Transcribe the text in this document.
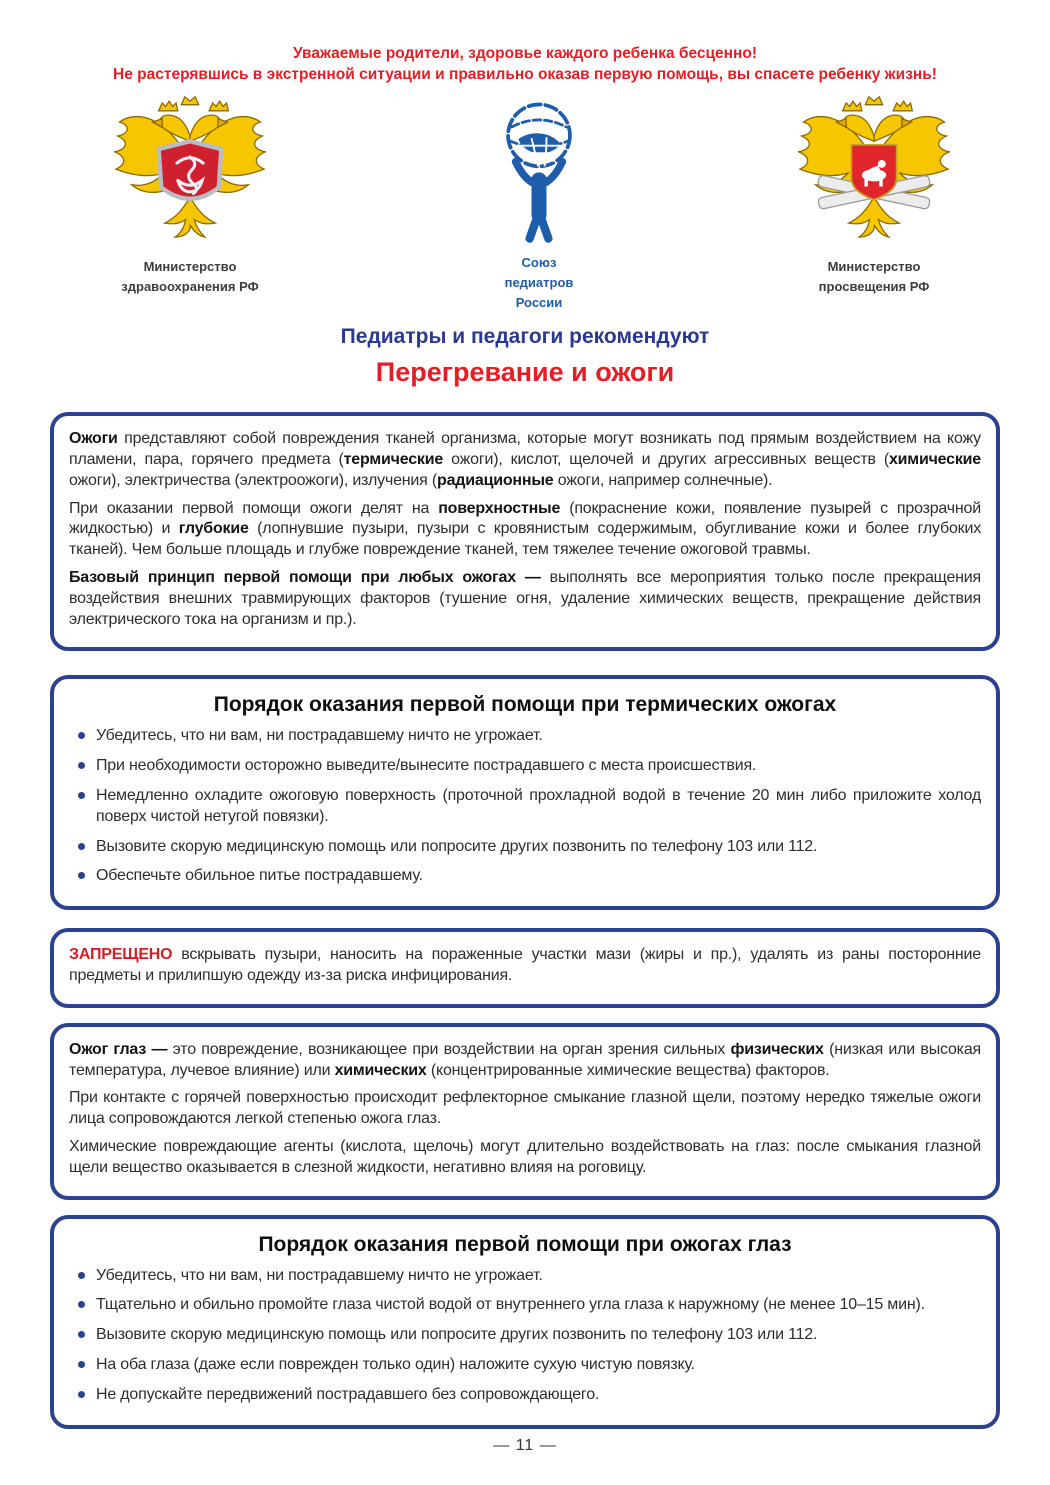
Уважаемые родители, здоровье каждого ребенка бесценно!
Не растерявшись в экстренной ситуации и правильно оказав первую помощь, вы спасете ребенку жизнь!
Министерство
здравоохранения РФ
Союз
педиатров
России
Министерство
просвещения РФ
Педиатры и педагоги рекомендуют
Перегревание и ожоги

Ожоги представляют собой повреждения тканей организма, которые могут возникать под прямым воздействием на кожу пламени, пара, горячего предмета (термические ожоги), кислот, щелочей и других агрессивных веществ (химические ожоги), электричества (электроожоги), излучения (радиационные ожоги, например солнечные).

При оказании первой помощи ожоги делят на поверхностные (покраснение кожи, появление пузырей с прозрачной жидкостью) и глубокие (лопнувшие пузыри, пузыри с кровянистым содержимым, обугливание кожи и более глубоких тканей). Чем больше площадь и глубже повреждение тканей, тем тяжелее течение ожоговой травмы.

Базовый принцип первой помощи при любых ожогах — выполнять все мероприятия только после прекращения воздействия внешних травмирующих факторов (тушение огня, удаление химических веществ, прекращение действия электрического тока на организм и пр.).

Порядок оказания первой помощи при термических ожогах
Убедитесь, что ни вам, ни пострадавшему ничто не угрожает.
При необходимости осторожно выведите/вынесите пострадавшего с места происшествия.
Немедленно охладите ожоговую поверхность (проточной прохладной водой в течение 20 мин либо приложите холод поверх чистой нетугой повязки).
Вызовите скорую медицинскую помощь или попросите других позвонить по телефону 103 или 112.
Обеспечьте обильное питье пострадавшему.

ЗАПРЕЩЕНО вскрывать пузыри, наносить на пораженные участки мази (жиры и пр.), удалять из раны посторонние предметы и прилипшую одежду из-за риска инфицирования.

Ожог глаз — это повреждение, возникающее при воздействии на орган зрения сильных физических (низкая или высокая температура, лучевое влияние) или химических (концентрированные химические вещества) факторов.

При контакте с горячей поверхностью происходит рефлекторное смыкание глазной щели, поэтому нередко тяжелые ожоги лица сопровождаются легкой степенью ожога глаз.

Химические повреждающие агенты (кислота, щелочь) могут длительно воздействовать на глаз: после смыкания глазной щели вещество оказывается в слезной жидкости, негативно влияя на роговицу.

Порядок оказания первой помощи при ожогах глаз
Убедитесь, что ни вам, ни пострадавшему ничто не угрожает.
Тщательно и обильно промойте глаза чистой водой от внутреннего угла глаза к наружному (не менее 10–15 мин).
Вызовите скорую медицинскую помощь или попросите других позвонить по телефону 103 или 112.
На оба глаза (даже если поврежден только один) наложите сухую чистую повязку.
Не допускайте передвижений пострадавшего без сопровождающего.
— 11 —
